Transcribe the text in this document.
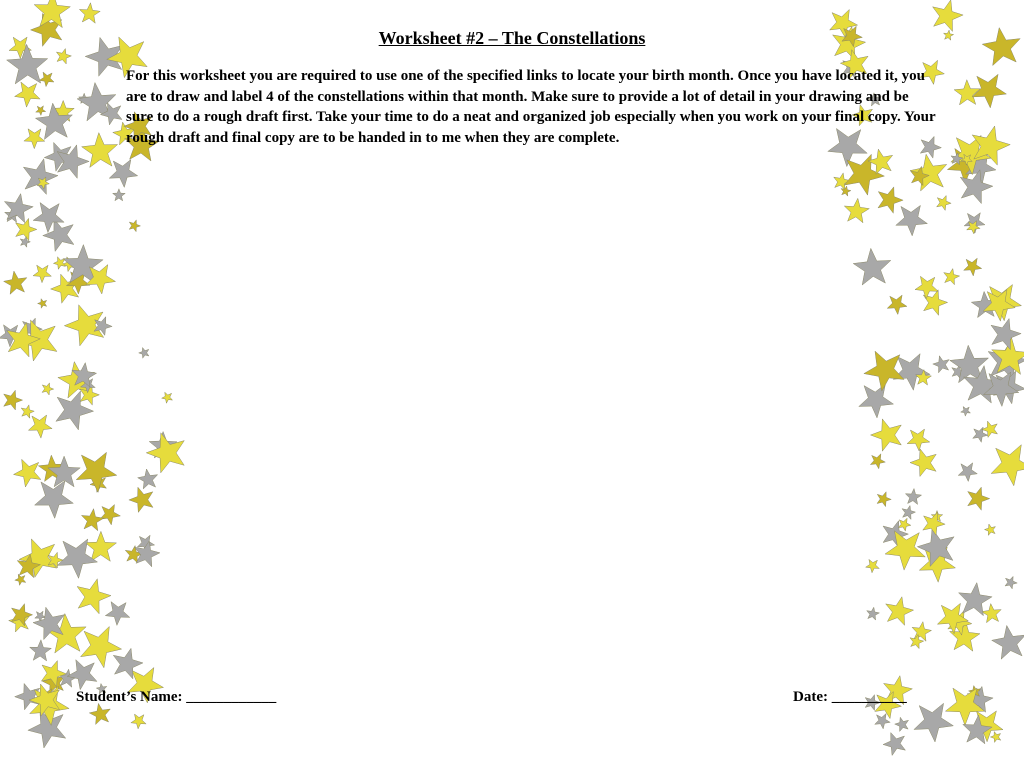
Worksheet #2 – The Constellations
For this worksheet you are required to use one of the specified links to locate your birth month. Once you have located it, you are to draw and label 4 of the constellations within that month. Make sure to provide a lot of detail in your drawing and be sure to do a rough draft first. Take your time to do a neat and organized job especially when you work on your final copy. Your rough draft and final copy are to be handed in to me when they are complete.
Student’s Name: ____________	Date: __________
